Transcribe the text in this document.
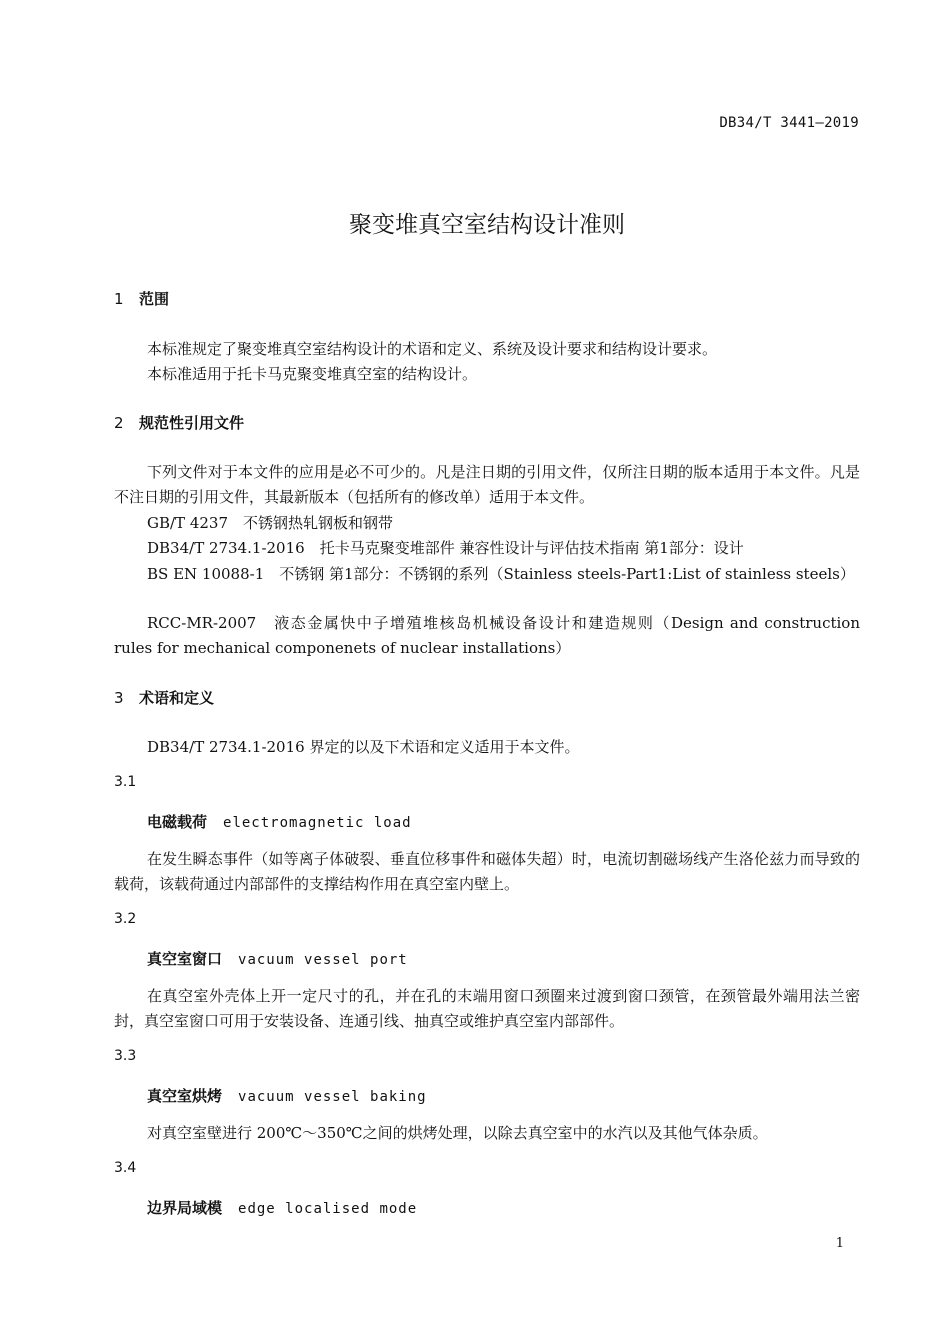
DB34/T 3441—2019
聚变堆真空室结构设计准则
1 范围
本标准规定了聚变堆真空室结构设计的术语和定义、系统及设计要求和结构设计要求。
本标准适用于托卡马克聚变堆真空室的结构设计。
2 规范性引用文件
下列文件对于本文件的应用是必不可少的。凡是注日期的引用文件，仅所注日期的版本适用于本文件。凡是不注日期的引用文件，其最新版本（包括所有的修改单）适用于本文件。
GB/T 4237　不锈钢热轧钢板和钢带
DB34/T 2734.1-2016　托卡马克聚变堆部件 兼容性设计与评估技术指南 第1部分：设计
BS EN 10088-1　不锈钢 第1部分：不锈钢的系列（Stainless steels-Part1:List of stainless steels）
RCC-MR-2007　液态金属快中子增殖堆核岛机械设备设计和建造规则（Design and construction rules for mechanical componenets of nuclear installations）
3 术语和定义
DB34/T 2734.1-2016 界定的以及下术语和定义适用于本文件。
3.1
电磁载荷 electromagnetic load
在发生瞬态事件（如等离子体破裂、垂直位移事件和磁体失超）时，电流切割磁场线产生洛伦兹力而导致的载荷，该载荷通过内部部件的支撑结构作用在真空室内壁上。
3.2
真空室窗口 vacuum vessel port
在真空室外壳体上开一定尺寸的孔，并在孔的末端用窗口颈圈来过渡到窗口颈管，在颈管最外端用法兰密封，真空室窗口可用于安装设备、连通引线、抽真空或维护真空室内部部件。
3.3
真空室烘烤 vacuum vessel baking
对真空室壁进行 200℃～350℃之间的烘烤处理，以除去真空室中的水汽以及其他气体杂质。
3.4
边界局域模 edge localised mode
1
